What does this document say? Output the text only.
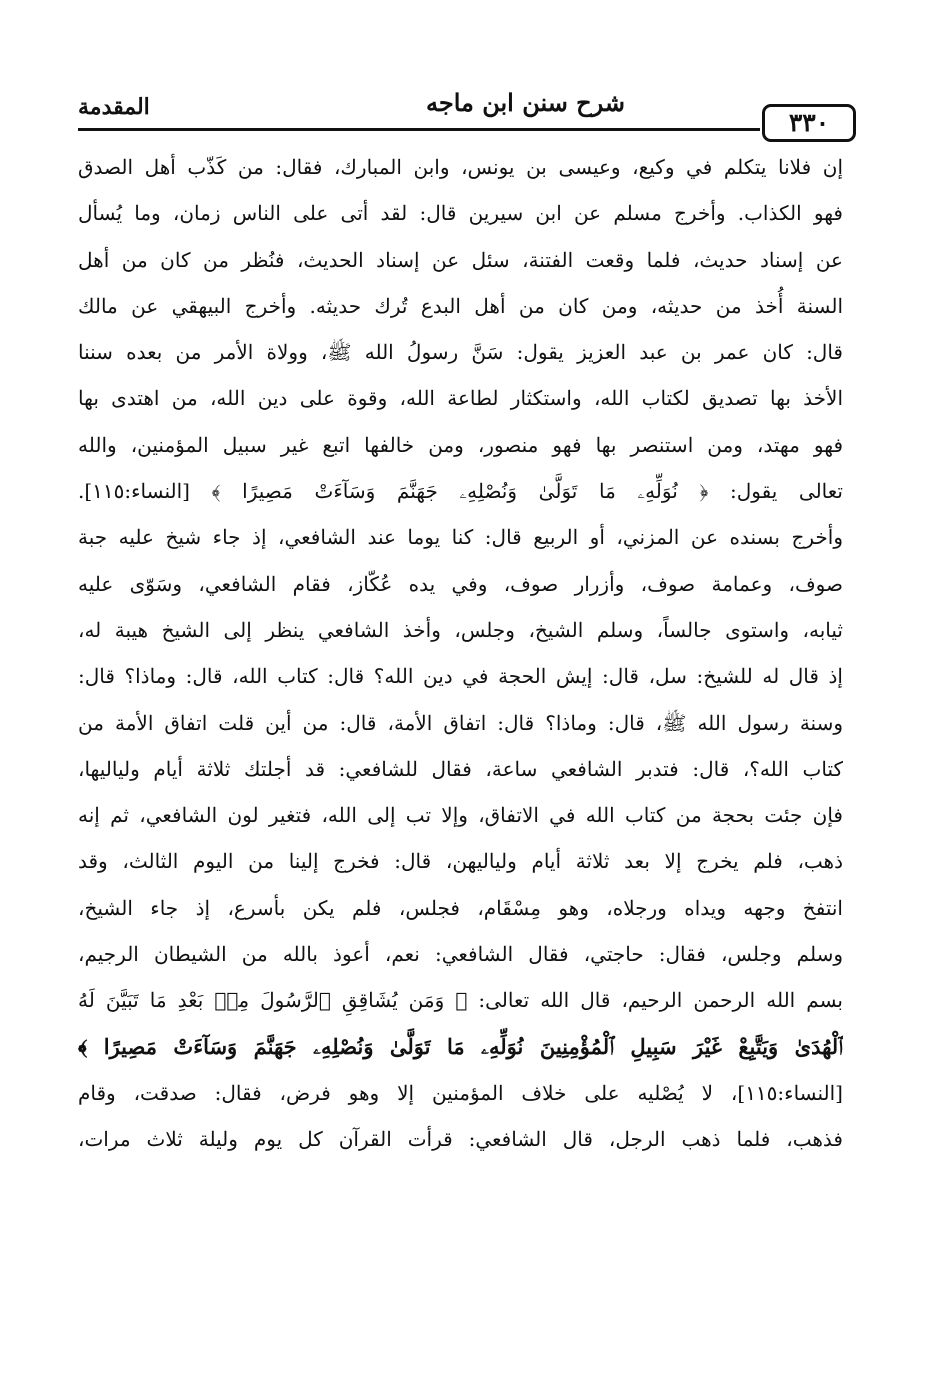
المقدمة	شرح سنن ابن ماجه
٣٣٠
إن فلانا يتكلم في وكيع، وعيسى بن يونس، وابن المبارك، فقال: من كَذّب أهل الصدق
فهو الكذاب. وأخرج مسلم عن ابن سيرين قال: لقد أتى على الناس زمان، وما يُسأل
عن إسناد حديث، فلما وقعت الفتنة، سئل عن إسناد الحديث، فنُظر من كان من أهل
السنة أُخذ من حديثه، ومن كان من أهل البدع تُرك حديثه. وأخرج البيهقي عن مالك
قال: كان عمر بن عبد العزيز يقول: سَنَّ رسولُ الله ﷺ، وولاة الأمر من بعده سننا
الأخذ بها تصديق لكتاب الله، واستكثار لطاعة الله، وقوة على دين الله، من اهتدى بها
فهو مهتد، ومن استنصر بها فهو منصور، ومن خالفها اتبع غير سبيل المؤمنين، والله
تعالى يقول: ﴿ نُوَلِّهِۦ مَا تَوَلَّىٰ وَنُصْلِهِۦ جَهَنَّمَ وَسَآءَتْ مَصِيرًا ﴾ [النساء:١١٥].
وأخرج بسنده عن المزني، أو الربيع قال: كنا يوما عند الشافعي، إذ جاء شيخ عليه جبة
صوف، وعمامة صوف، وأزرار صوف، وفي يده عُكّاز، فقام الشافعي، وسَوّى عليه
ثيابه، واستوى جالساً، وسلم الشيخ، وجلس، وأخذ الشافعي ينظر إلى الشيخ هيبة له،
إذ قال له للشيخ: سل، قال: إيش الحجة في دين الله؟ قال: كتاب الله، قال: وماذا؟ قال:
وسنة رسول الله ﷺ، قال: وماذا؟ قال: اتفاق الأمة، قال: من أين قلت اتفاق الأمة من
كتاب الله؟، قال: فتدبر الشافعي ساعة، فقال للشافعي: قد أجلتك ثلاثة أيام ولياليها،
فإن جئت بحجة من كتاب الله في الاتفاق، وإلا تب إلى الله، فتغير لون الشافعي، ثم إنه
ذهب، فلم يخرج إلا بعد ثلاثة أيام ولياليهن، قال: فخرج إلينا من اليوم الثالث، وقد
انتفخ وجهه ويداه ورجلاه، وهو مِسْقَام، فجلس، فلم يكن بأسرع، إذ جاء الشيخ،
وسلم وجلس، فقال: حاجتي، فقال الشافعي: نعم، أعوذ بالله من الشيطان الرجيم،
بسم الله الرحمن الرحيم، قال الله تعالى: ﴿ وَمَن يُشَاقِقِ ٱلرَّسُولَ مِنۢ بَعْدِ مَا تَبَيَّنَ لَهُ
ٱلْهُدَىٰ وَيَتَّبِعْ غَيْرَ سَبِيلِ ٱلْمُؤْمِنِينَ نُوَلِّهِۦ مَا تَوَلَّىٰ وَنُصْلِهِۦ جَهَنَّمَ وَسَآءَتْ مَصِيرًا ﴾
[النساء:١١٥]، لا يُصْليه على خلاف المؤمنين إلا وهو فرض، فقال: صدقت، وقام
فذهب، فلما ذهب الرجل، قال الشافعي: قرأت القرآن كل يوم وليلة ثلاث مرات،
